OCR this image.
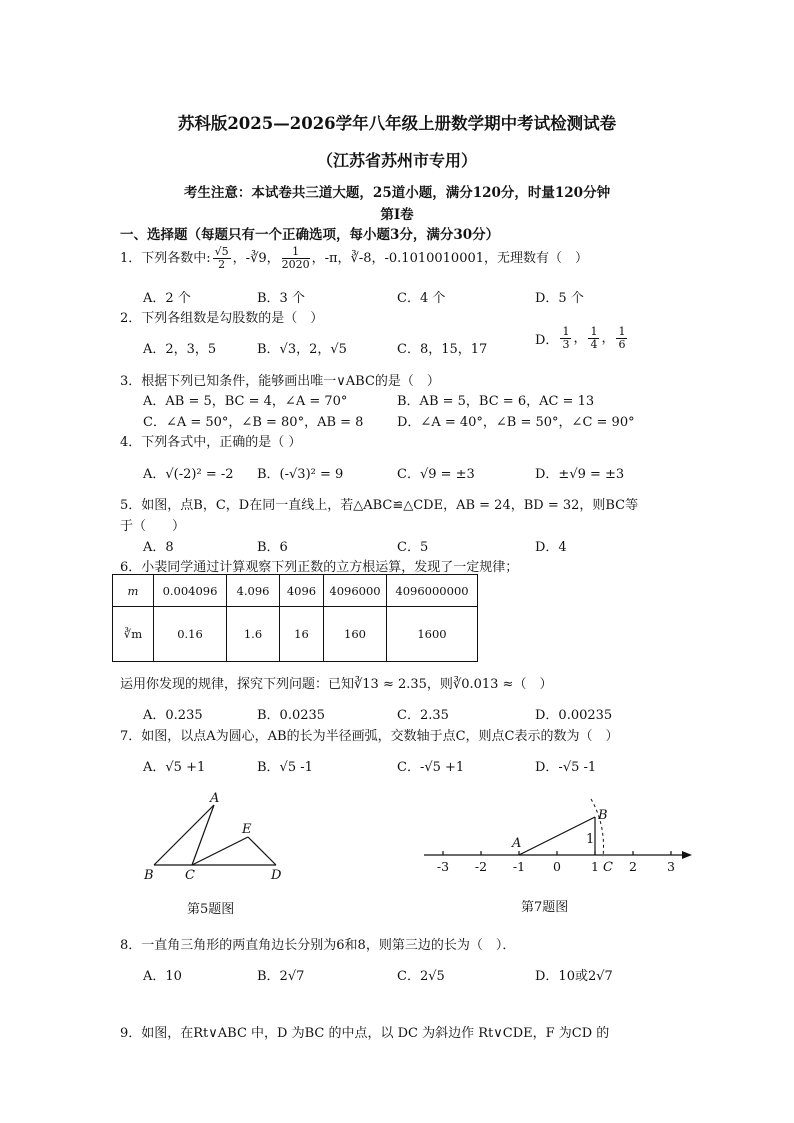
苏科版2025—2026学年八年级上册数学期中考试检测试卷
（江苏省苏州市专用）
考生注意：本试卷共三道大题，25道小题，满分120分，时量120分钟
第Ⅰ卷
一、选择题（每题只有一个正确选项，每小题3分，满分30分）
1．下列各数中: $\frac{√5}{2}$ ，-∛9， $\frac{1}{2020}$ ，-π，∛-8，-0.1010010001，无理数有（　）
A．2 个	B．3 个	C．4 个	D．5 个
2．下列各组数是勾股数的是（　）
A．2，3，5	B．√3，2，√5	C．8，15，17
D． $\frac{1}{3}$ ， $\frac{1}{4}$ ， $\frac{1}{6}$
3．根据下列已知条件，能够画出唯一∨ABC的是（　）
A．AB = 5，BC = 4，∠A = 70°	B．AB = 5，BC = 6，AC = 13
C．∠A = 50°，∠B = 80°，AB = 8	D．∠A = 40°，∠B = 50°，∠C = 90°
4．下列各式中，正确的是（ ）
A．√(-2)² = -2 B．(-√3)² = 9	C．√9 = ±3	D．±√9 = ±3
5．如图，点B，C，D在同一直线上，若△ABC≌△CDE，AB = 24，BD = 32，则BC等
于（　　）
A．8	B．6	C．5	D．4
6．小裴同学通过计算观察下列正数的立方根运算，发现了一定规律；
m	0.004096	4.096	4096	4096000	4096000000
∛m	0.16	1.6	16	160	1600
运用你发现的规律，探究下列问题：已知∛13 ≈ 2.35，则∛0.013 ≈（　）
A．0.235	B．0.0235	C．2.35	D．0.00235
7．如图，以点A为圆心，AB的长为半径画弧，交数轴于点C，则点C表示的数为（　）
A．√5 +1	B．√5 -1	C．-√5 +1	D．-√5 -1
A
B C	D
E
第5题图
-3 -2 -1 0 1 2 3
A
B
C
1
第7题图
8．一直角三角形的两直角边长分别为6和8，则第三边的长为（　）．
A．10	B．2√7	C．2√5	D．10或2√7
9．如图，在Rt∨ABC 中，D 为BC 的中点，以 DC 为斜边作 Rt∨CDE，F 为CD 的
